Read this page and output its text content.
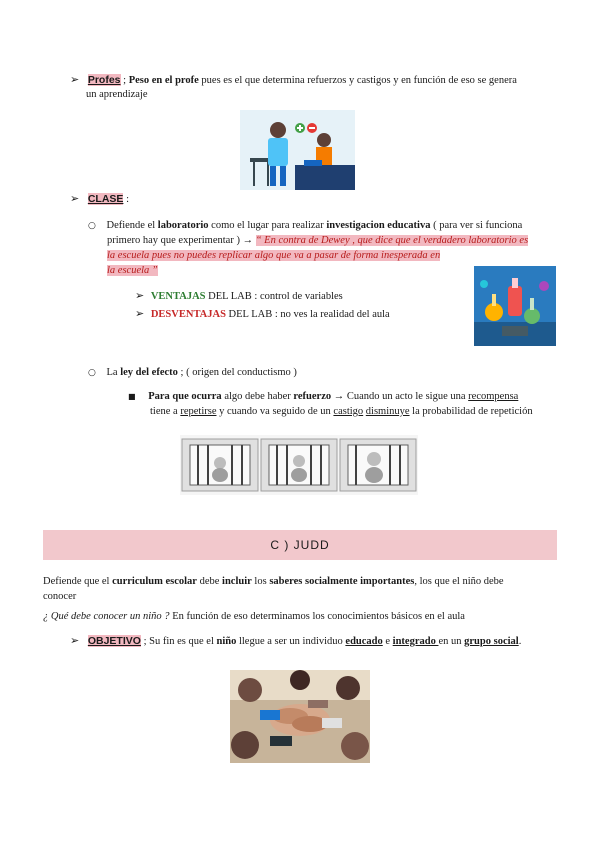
➢ Profes ; Peso en el profe pues es el que determina refuerzos y castigos y en función de eso se genera
un aprendizaje
➢ CLASE :
○ Defiende el laboratorio como el lugar para realizar investigacion educativa ( para ver si funciona
primero hay que experimentar ) → “ En contra de Dewey , que dice que el verdadero laboratorio es
la escuela pues no puedes replicar algo que va a pasar de forma inesperada en
la escuela ”
➢ VENTAJAS DEL LAB : control de variables
➢ DESVENTAJAS DEL LAB : no ves la realidad del aula
○ La ley del efecto ; ( origen del conductismo )
■ Para que ocurra algo debe haber refuerzo → Cuando un acto le sigue una recompensa
tiene a repetirse y cuando va seguido de un castigo disminuye la probabilidad de repetición
C ) JUDD
Defiende que el curriculum escolar debe incluir los saberes socialmente importantes, los que el niño debe
conocer
¿ Qué debe conocer un niño ? En función de eso determinamos los conocimientos básicos en el aula
➢ OBJETIVO ; Su fin es que el niño llegue a ser un individuo educado e integrado en un grupo social.
